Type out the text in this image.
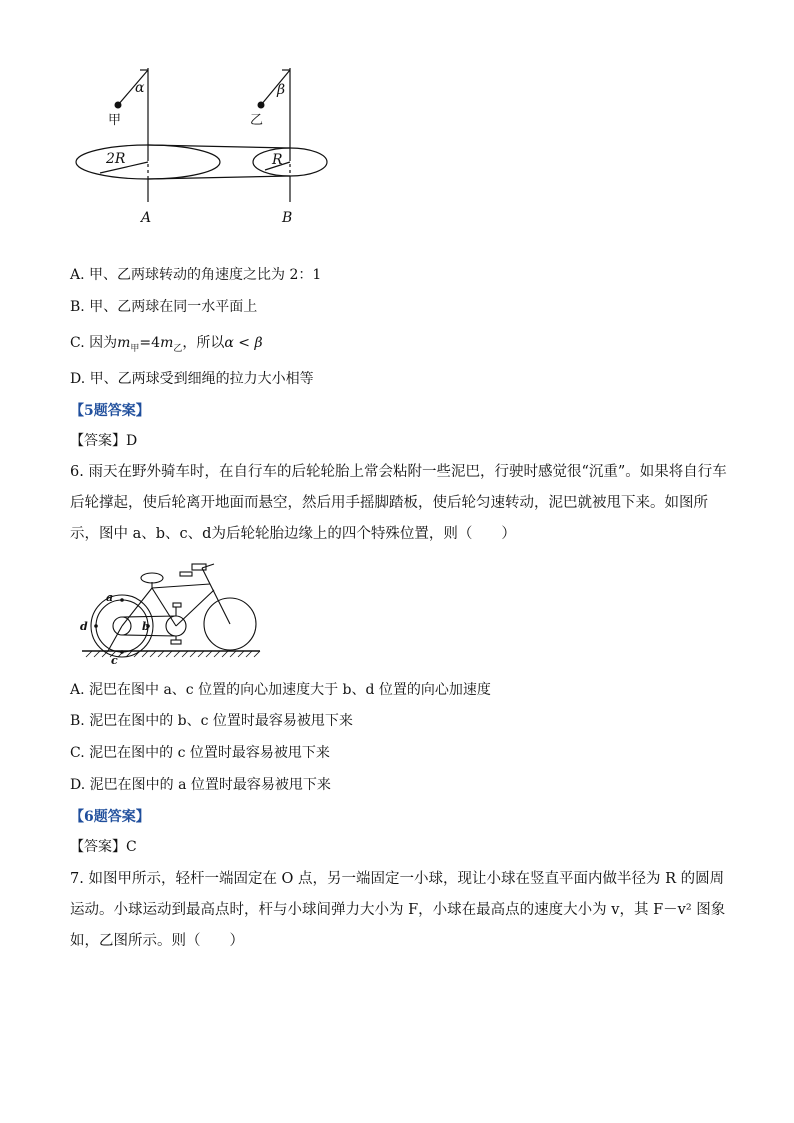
α	β
甲	乙
2R	R
A	B
A. 甲、乙两球转动的角速度之比为 2：1
B. 甲、乙两球在同一水平面上
C. 因为$m_甲=4m_乙$，所以α < β
D. 甲、乙两球受到细绳的拉力大小相等
【5题答案】
【答案】D
6. 雨天在野外骑车时，在自行车的后轮轮胎上常会粘附一些泥巴，行驶时感觉很“沉重”。如果将自行车后轮撑起，使后轮离开地面而悬空，然后用手摇脚踏板，使后轮匀速转动，泥巴就被甩下来。如图所示，图中 a、b、c、d为后轮轮胎边缘上的四个特殊位置，则（　　）
a
b
c
d
A. 泥巴在图中 a、c 位置的向心加速度大于 b、d 位置的向心加速度
B. 泥巴在图中的 b、c 位置时最容易被甩下来
C. 泥巴在图中的 c 位置时最容易被甩下来
D. 泥巴在图中的 a 位置时最容易被甩下来
【6题答案】
【答案】C
7. 如图甲所示，轻杆一端固定在 O 点，另一端固定一小球，现让小球在竖直平面内做半径为 R 的圆周运动。小球运动到最高点时，杆与小球间弹力大小为 F，小球在最高点的速度大小为 v，其 F－v² 图象如，乙图所示。则（　　）
